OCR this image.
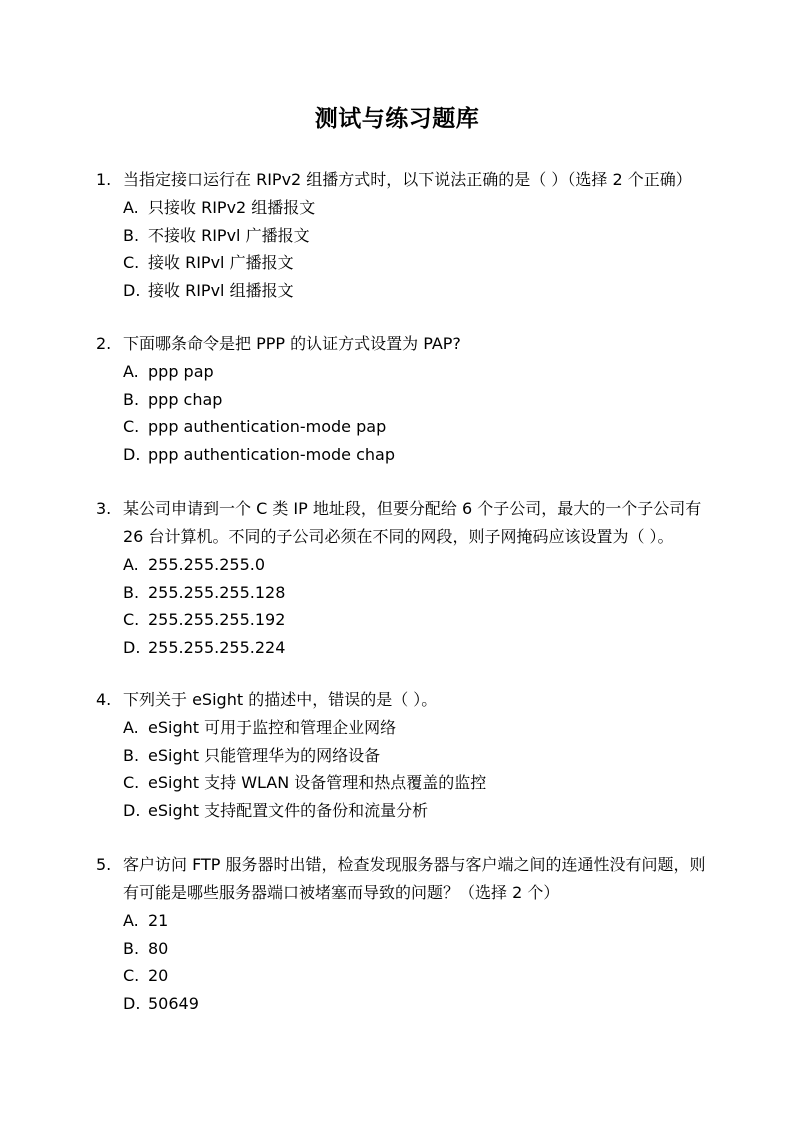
测试与练习题库
1. 当指定接口运行在 RIPv2 组播方式时，以下说法正确的是（ ）（选择 2 个正确）
A. 只接收 RIPv2 组播报文
B. 不接收 RIPvl 广播报文
C. 接收 RIPvl 广播报文
D. 接收 RIPvl 组播报文
2. 下面哪条命令是把 PPP 的认证方式设置为 PAP?
A. ppp pap
B. ppp chap
C. ppp authentication-mode pap
D. ppp authentication-mode chap
3. 某公司申请到一个 C 类 IP 地址段，但要分配给 6 个子公司，最大的一个子公司有 26 台计算机。不同的子公司必须在不同的网段，则子网掩码应该设置为（ ）。
A. 255.255.255.0
B. 255.255.255.128
C. 255.255.255.192
D. 255.255.255.224
4. 下列关于 eSight 的描述中，错误的是（ ）。
A. eSight 可用于监控和管理企业网络
B. eSight 只能管理华为的网络设备
C. eSight 支持 WLAN 设备管理和热点覆盖的监控
D. eSight 支持配置文件的备份和流量分析
5. 客户访问 FTP 服务器时出错，检查发现服务器与客户端之间的连通性没有问题，则有可能是哪些服务器端口被堵塞而导致的问题？（选择 2 个）
A. 21
B. 80
C. 20
D. 50649
